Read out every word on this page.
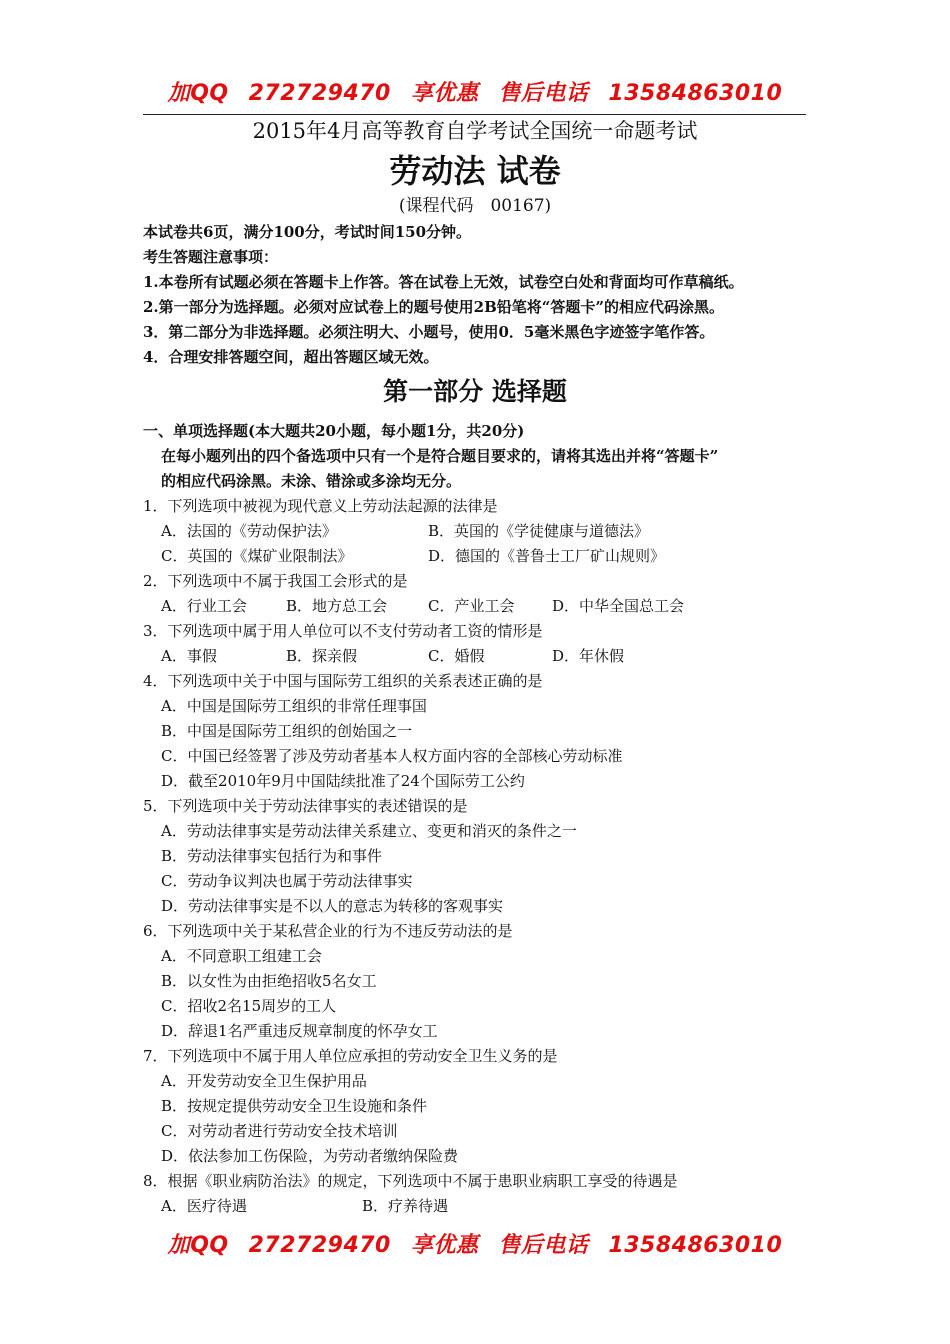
加QQ 272729470 享优惠 售后电话 13584863010
2015年4月高等教育自学考试全国统一命题考试
劳动法 试卷
(课程代码　00167)
本试卷共6页，满分100分，考试时间150分钟。
考生答题注意事项：
1.本卷所有试题必须在答题卡上作答。答在试卷上无效，试卷空白处和背面均可作草稿纸。
2.第一部分为选择题。必须对应试卷上的题号使用2B铅笔将“答题卡”的相应代码涂黑。
3．第二部分为非选择题。必须注明大、小题号，使用0．5毫米黑色字迹签字笔作答。
4．合理安排答题空间，超出答题区域无效。
第一部分 选择题
一、单项选择题(本大题共20小题，每小题1分，共20分)
在每小题列出的四个备选项中只有一个是符合题目要求的，请将其选出并将“答题卡”
的相应代码涂黑。未涂、错涂或多涂均无分。
1．下列选项中被视为现代意义上劳动法起源的法律是
A．法国的《劳动保护法》	B．英国的《学徒健康与道德法》
C．英国的《煤矿业限制法》	D．德国的《普鲁士工厂矿山规则》
2．下列选项中不属于我国工会形式的是
A．行业工会	B．地方总工会	C．产业工会	D．中华全国总工会
3．下列选项中属于用人单位可以不支付劳动者工资的情形是
A．事假	B．探亲假	C．婚假	D．年休假
4．下列选项中关于中国与国际劳工组织的关系表述正确的是
A．中国是国际劳工组织的非常任理事国
B．中国是国际劳工组织的创始国之一
C．中国已经签署了涉及劳动者基本人权方面内容的全部核心劳动标准
D．截至2010年9月中国陆续批准了24个国际劳工公约
5．下列选项中关于劳动法律事实的表述错误的是
A．劳动法律事实是劳动法律关系建立、变更和消灭的条件之一
B．劳动法律事实包括行为和事件
C．劳动争议判决也属于劳动法律事实
D．劳动法律事实是不以人的意志为转移的客观事实
6．下列选项中关于某私营企业的行为不违反劳动法的是
A．不同意职工组建工会
B．以女性为由拒绝招收5名女工
C．招收2名15周岁的工人
D．辞退1名严重违反规章制度的怀孕女工
7．下列选项中不属于用人单位应承担的劳动安全卫生义务的是
A．开发劳动安全卫生保护用品
B．按规定提供劳动安全卫生设施和条件
C．对劳动者进行劳动安全技术培训
D．依法参加工伤保险，为劳动者缴纳保险费
8．根据《职业病防治法》的规定，下列选项中不属于患职业病职工享受的待遇是
A．医疗待遇	B．疗养待遇
加QQ 272729470 享优惠 售后电话 13584863010
